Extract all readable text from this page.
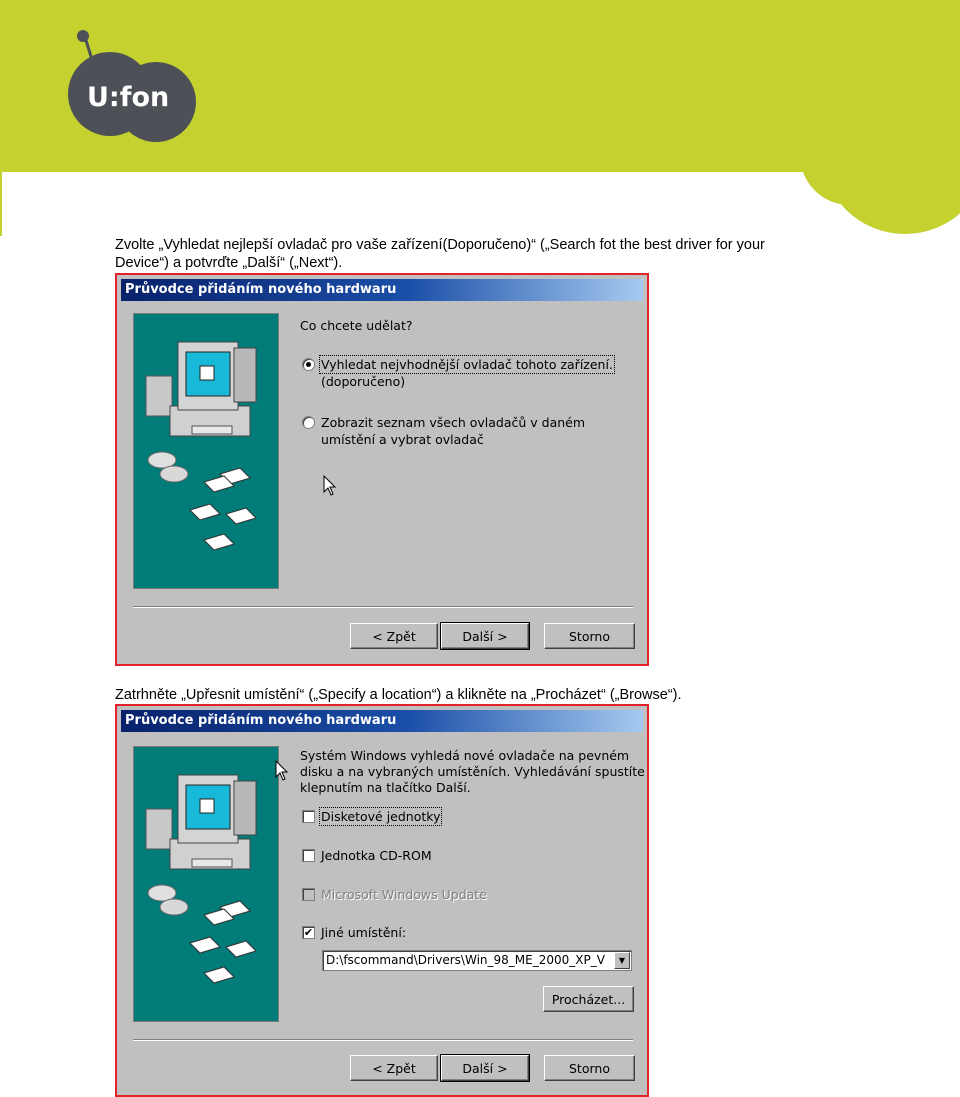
U:fon

Zvolte „Vyhledat nejlepší ovladač pro vaše zařízení(Doporučeno)“ („Search fot the best driver for your

Device“) a potvrďte „Další“ („Next“).

Průvodce přidáním nového hardwaru
Co chcete udělat?
Vyhledat nejvhodnější ovladač tohoto zařízení.
(doporučeno)
Zobrazit seznam všech ovladačů v daném
umístění a vybrat ovladač
< Zpět	Další >	Storno

Zatrhněte „Upřesnit umístění“ („Specify a location“) a klikněte na „Procházet“ („Browse“).

Průvodce přidáním nového hardwaru
Systém Windows vyhledá nové ovladače na pevném
disku a na vybraných umístěních. Vyhledávání spustíte
klepnutím na tlačítko Další.
Disketové jednotky
Jednotka CD-ROM
Microsoft Windows Update
✔ Jiné umístění:
D:\fscommand\Drivers\Win_98_ME_2000_XP_V	▼
Procházet...
< Zpět	Další >	Storno
